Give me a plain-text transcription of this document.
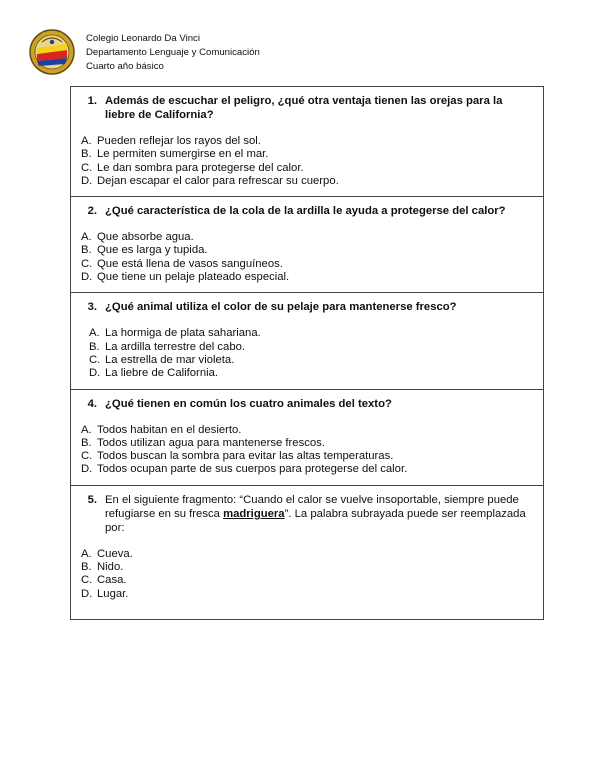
Colegio Leonardo Da Vinci
Departamento Lenguaje y Comunicación
Cuarto año básico
1. Además de escuchar el peligro, ¿qué otra ventaja tienen las orejas para la liebre de California?
A. Pueden reflejar los rayos del sol.
B. Le permiten sumergirse en el mar.
C. Le dan sombra para protegerse del calor.
D. Dejan escapar el calor para refrescar su cuerpo.
2. ¿Qué característica de la cola de la ardilla le ayuda a protegerse del calor?
A. Que absorbe agua.
B. Que es larga y tupida.
C. Que está llena de vasos sanguíneos.
D. Que tiene un pelaje plateado especial.
3. ¿Qué animal utiliza el color de su pelaje para mantenerse fresco?
A. La hormiga de plata sahariana.
B. La ardilla terrestre del cabo.
C. La estrella de mar violeta.
D. La liebre de California.
4. ¿Qué tienen en común los cuatro animales del texto?
A. Todos habitan en el desierto.
B. Todos utilizan agua para mantenerse frescos.
C. Todos buscan la sombra para evitar las altas temperaturas.
D. Todos ocupan parte de sus cuerpos para protegerse del calor.
5. En el siguiente fragmento: “Cuando el calor se vuelve insoportable, siempre puede refugiarse en su fresca madriguera”. La palabra subrayada puede ser reemplazada por:
A. Cueva.
B. Nido.
C. Casa.
D. Lugar.
